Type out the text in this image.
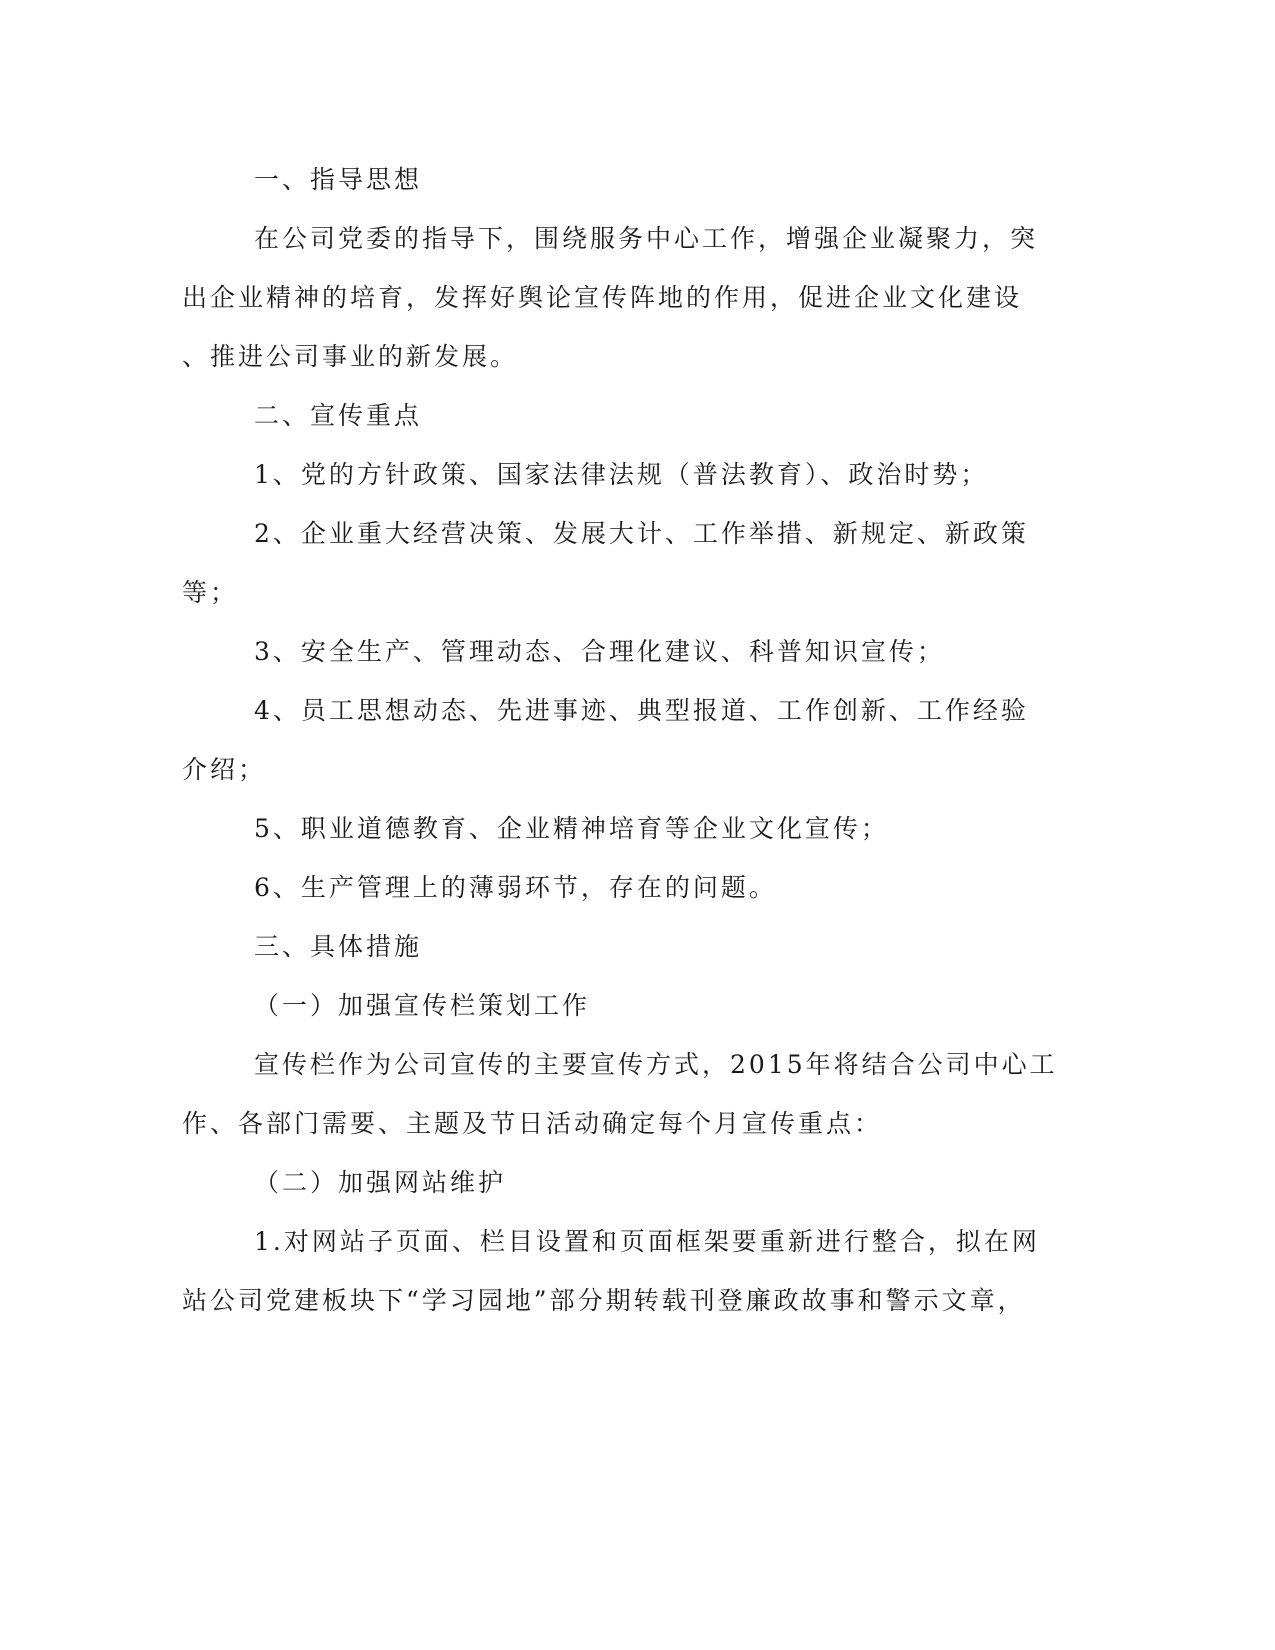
一、指导思想
在公司党委的指导下，围绕服务中心工作，增强企业凝聚力，突
出企业精神的培育，发挥好舆论宣传阵地的作用，促进企业文化建设
、推进公司事业的新发展。
二、宣传重点
1、党的方针政策、国家法律法规（普法教育）、政治时势；
2、企业重大经营决策、发展大计、工作举措、新规定、新政策
等；
3、安全生产、管理动态、合理化建议、科普知识宣传；
4、员工思想动态、先进事迹、典型报道、工作创新、工作经验
介绍；
5、职业道德教育、企业精神培育等企业文化宣传；
6、生产管理上的薄弱环节，存在的问题。
三、具体措施
（一）加强宣传栏策划工作
宣传栏作为公司宣传的主要宣传方式，2015年将结合公司中心工
作、各部门需要、主题及节日活动确定每个月宣传重点：
（二）加强网站维护
1.对网站子页面、栏目设置和页面框架要重新进行整合，拟在网
站公司党建板块下“学习园地”部分期转载刊登廉政故事和警示文章，
